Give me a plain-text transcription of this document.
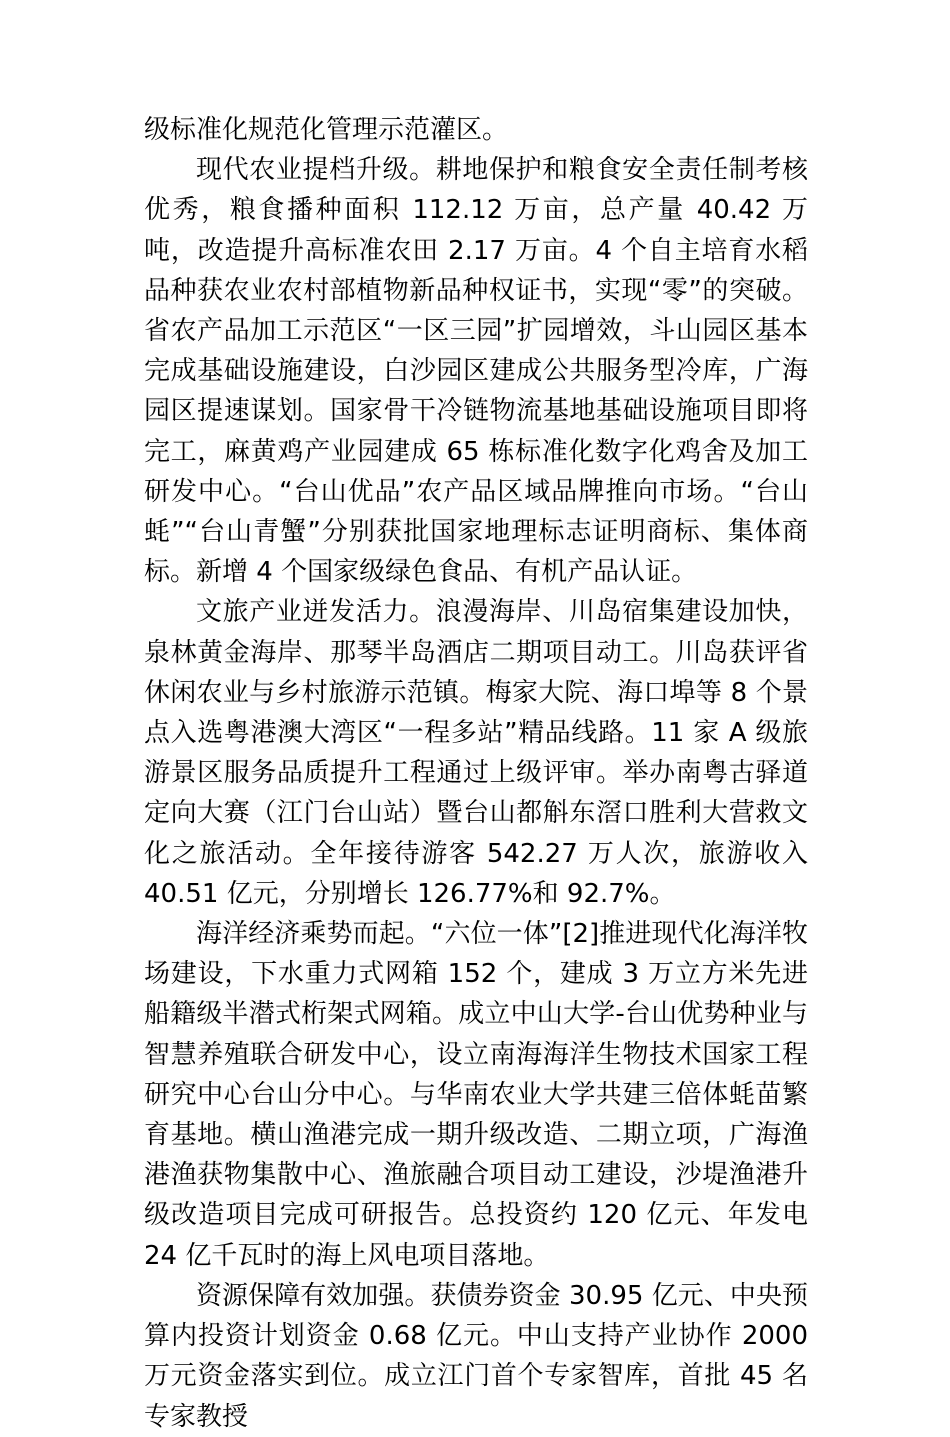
级标准化规范化管理示范灌区。

现代农业提档升级。耕地保护和粮食安全责任制考核优秀，粮食播种面积 112.12 万亩，总产量 40.42 万吨，改造提升高标准农田 2.17 万亩。4 个自主培育水稻品种获农业农村部植物新品种权证书，实现“零”的突破。省农产品加工示范区“一区三园”扩园增效，斗山园区基本完成基础设施建设，白沙园区建成公共服务型冷库，广海园区提速谋划。国家骨干冷链物流基地基础设施项目即将完工，麻黄鸡产业园建成 65 栋标准化数字化鸡舍及加工研发中心。“台山优品”农产品区域品牌推向市场。“台山蚝”“台山青蟹”分别获批国家地理标志证明商标、集体商标。新增 4 个国家级绿色食品、有机产品认证。

文旅产业迸发活力。浪漫海岸、川岛宿集建设加快，泉林黄金海岸、那琴半岛酒店二期项目动工。川岛获评省休闲农业与乡村旅游示范镇。梅家大院、海口埠等 8 个景点入选粤港澳大湾区“一程多站”精品线路。11 家 A 级旅游景区服务品质提升工程通过上级评审。举办南粤古驿道定向大赛（江门台山站）暨台山都斛东滘口胜利大营救文化之旅活动。全年接待游客 542.27 万人次，旅游收入 40.51 亿元，分别增长 126.77%和 92.7%。

海洋经济乘势而起。“六位一体”[2]推进现代化海洋牧场建设，下水重力式网箱 152 个，建成 3 万立方米先进船籍级半潜式桁架式网箱。成立中山大学-台山优势种业与智慧养殖联合研发中心，设立南海海洋生物技术国家工程研究中心台山分中心。与华南农业大学共建三倍体蚝苗繁育基地。横山渔港完成一期升级改造、二期立项，广海渔港渔获物集散中心、渔旅融合项目动工建设，沙堤渔港升级改造项目完成可研报告。总投资约 120 亿元、年发电 24 亿千瓦时的海上风电项目落地。

资源保障有效加强。获债券资金 30.95 亿元、中央预算内投资计划资金 0.68 亿元。中山支持产业协作 2000 万元资金落实到位。成立江门首个专家智库，首批 45 名专家教授
